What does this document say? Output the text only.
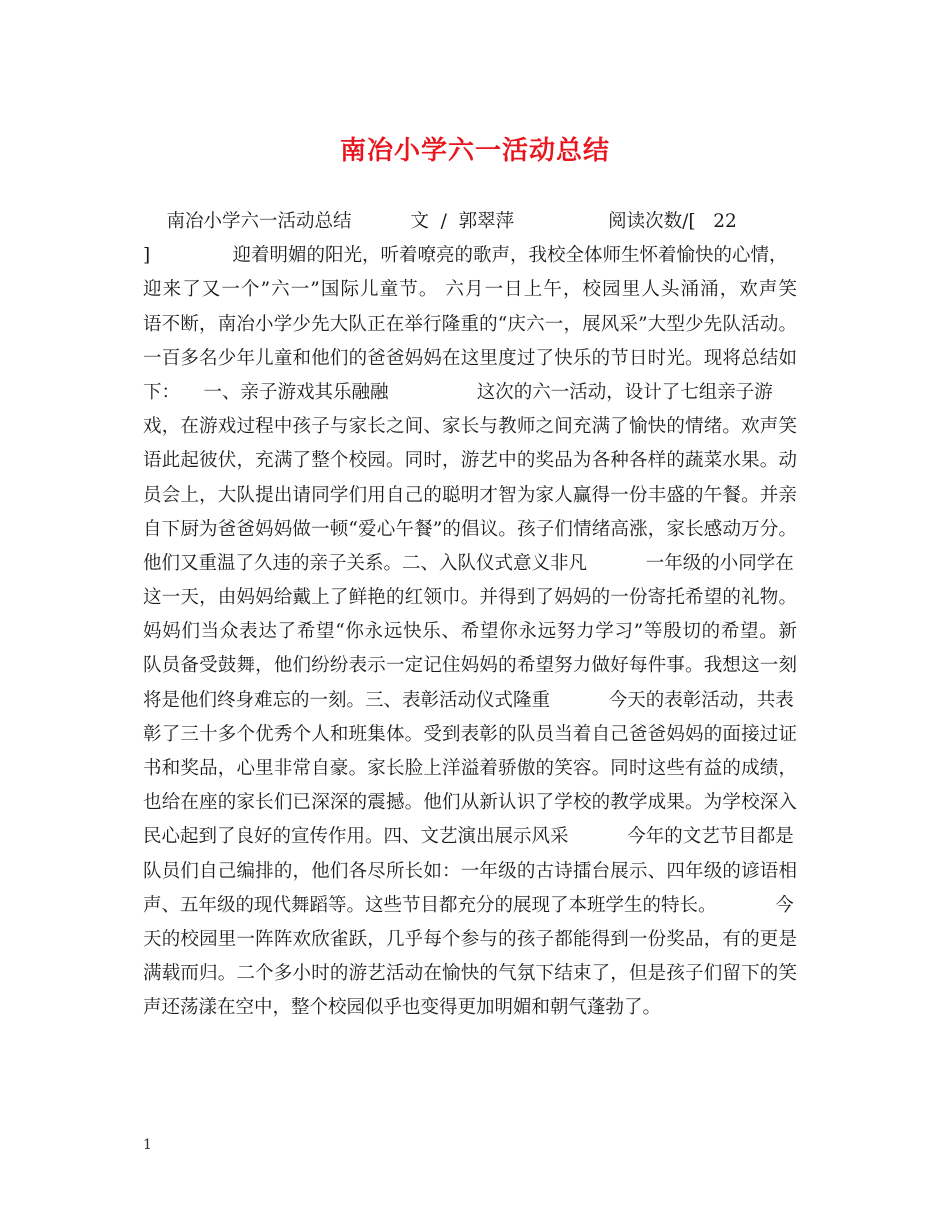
南冶小学六一活动总结
南冶小学六一活动总结          文  /  郭翠萍                阅读次数/[   22
]              迎着明媚的阳光，听着嘹亮的歌声，我校全体师生怀着愉快的心情，
迎来了又一个”六一”国际儿童节。 六月一日上午，校园里人头涌涌，欢声笑
语不断，南冶小学少先大队正在举行隆重的“庆六一，展风采”大型少先队活动。
一百多名少年儿童和他们的爸爸妈妈在这里度过了快乐的节日时光。现将总结如
下：    一、亲子游戏其乐融融               这次的六一活动，设计了七组亲子游
戏，在游戏过程中孩子与家长之间、家长与教师之间充满了愉快的情绪。欢声笑
语此起彼伏，充满了整个校园。同时，游艺中的奖品为各种各样的蔬菜水果。动
员会上，大队提出请同学们用自己的聪明才智为家人赢得一份丰盛的午餐。并亲
自下厨为爸爸妈妈做一顿“爱心午餐”的倡议。孩子们情绪高涨，家长感动万分。
他们又重温了久违的亲子关系。二、入队仪式意义非凡          一年级的小同学在
这一天，由妈妈给戴上了鲜艳的红领巾。并得到了妈妈的一份寄托希望的礼物。
妈妈们当众表达了希望“你永远快乐、希望你永远努力学习”等殷切的希望。新
队员备受鼓舞，他们纷纷表示一定记住妈妈的希望努力做好每件事。我想这一刻
将是他们终身难忘的一刻。三、表彰活动仪式隆重          今天的表彰活动，共表
彰了三十多个优秀个人和班集体。受到表彰的队员当着自己爸爸妈妈的面接过证
书和奖品，心里非常自豪。家长脸上洋溢着骄傲的笑容。同时这些有益的成绩，
也给在座的家长们已深深的震撼。他们从新认识了学校的教学成果。为学校深入
民心起到了良好的宣传作用。四、文艺演出展示风采          今年的文艺节目都是
队员们自己编排的，他们各尽所长如：一年级的古诗擂台展示、四年级的谚语相
声、五年级的现代舞蹈等。这些节目都充分的展现了本班学生的特长。          今
天的校园里一阵阵欢欣雀跃，几乎每个参与的孩子都能得到一份奖品，有的更是
满载而归。二个多小时的游艺活动在愉快的气氛下结束了，但是孩子们留下的笑
声还荡漾在空中，整个校园似乎也变得更加明媚和朝气蓬勃了。
1
